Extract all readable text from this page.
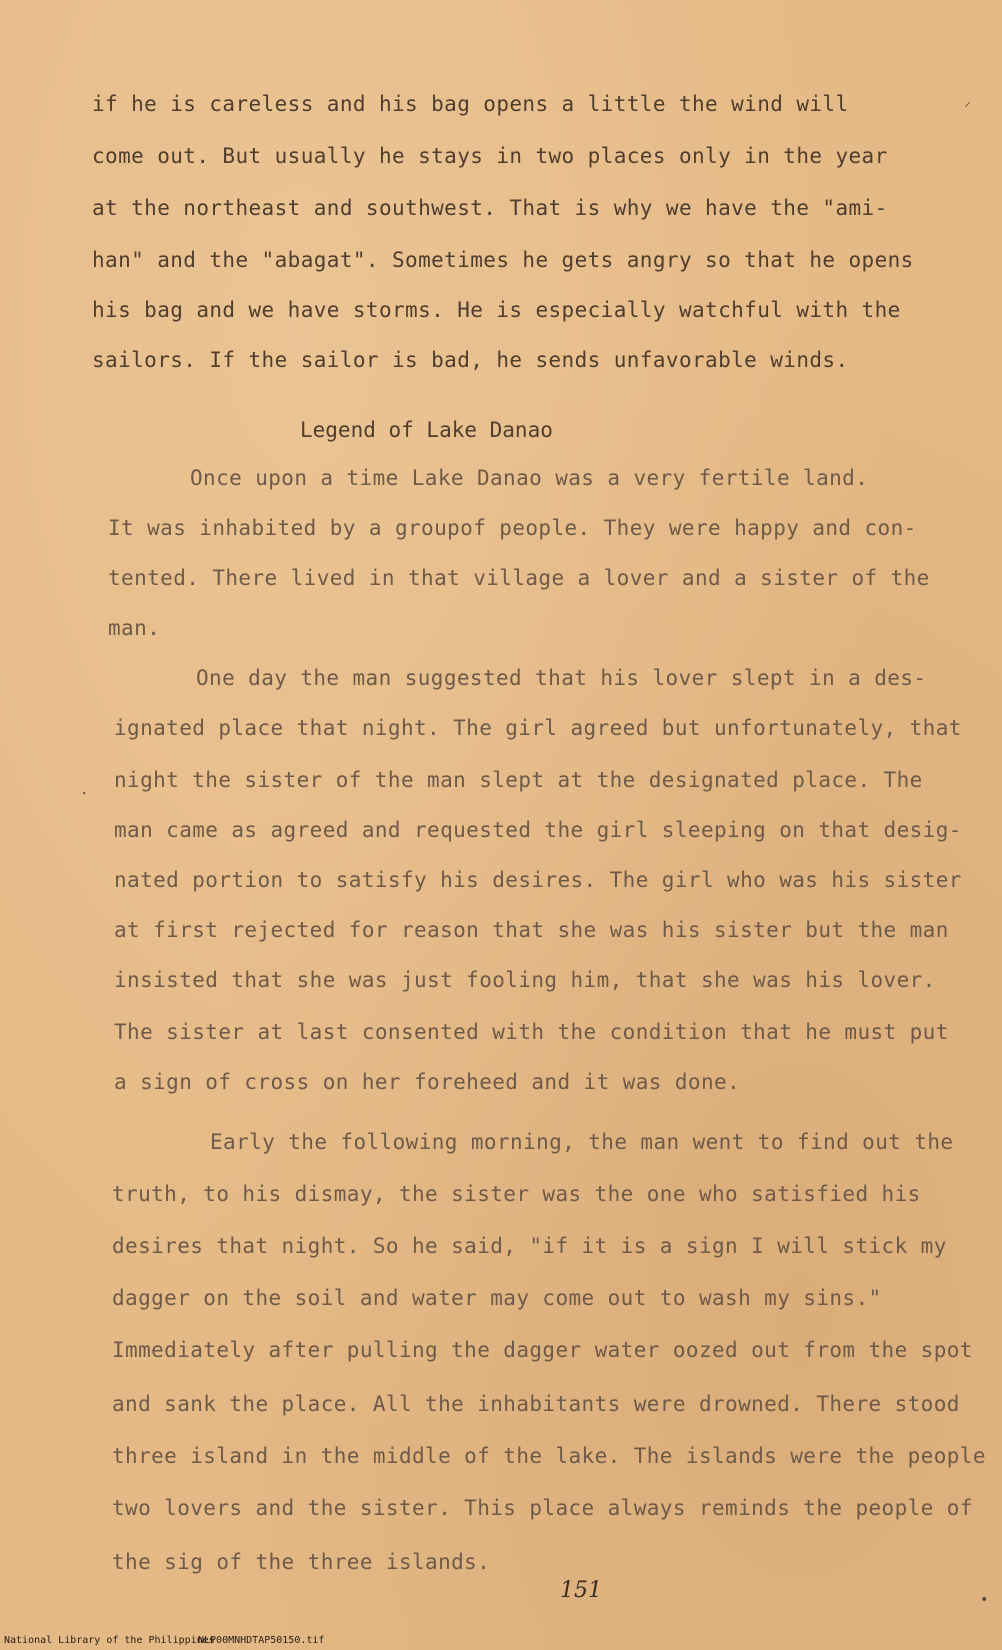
if he is careless and his bag opens a little the wind will
come out. But usually he stays in two places only in the year
at the northeast and southwest. That is why we have the "ami-
han" and the "abagat". Sometimes he gets angry so that he opens
his bag and we have storms. He is especially watchful with the
sailors. If the sailor is bad, he sends unfavorable winds.
Legend of Lake Danao
Once upon a time Lake Danao was a very fertile land.
It was inhabited by a groupof people. They were happy and con-
tented. There lived in that village a lover and a sister of the
man.
One day the man suggested that his lover slept in a des-
ignated place that night. The girl agreed but unfortunately, that
night the sister of the man slept at the designated place. The
man came as agreed and requested the girl sleeping on that desig-
nated portion to satisfy his desires. The girl who was his sister
at first rejected for reason that she was his sister but the man
insisted that she was just fooling him, that she was his lover.
The sister at last consented with the condition that he must put
a sign of cross on her foreheed and it was done.
Early the following morning, the man went to find out the
truth, to his dismay, the sister was the one who satisfied his
desires that night. So he said, "if it is a sign I will stick my
dagger on the soil and water may come out to wash my sins."
Immediately after pulling the dagger water oozed out from the spot
and sank the place. All the inhabitants were drowned. There stood
three island in the middle of the lake. The islands were the people
two lovers and the sister. This place always reminds the people of
the sig of the three islands.
151
⸝
·
•
National Library of the Philippines
NLP00MNHDTAP50150.tif
